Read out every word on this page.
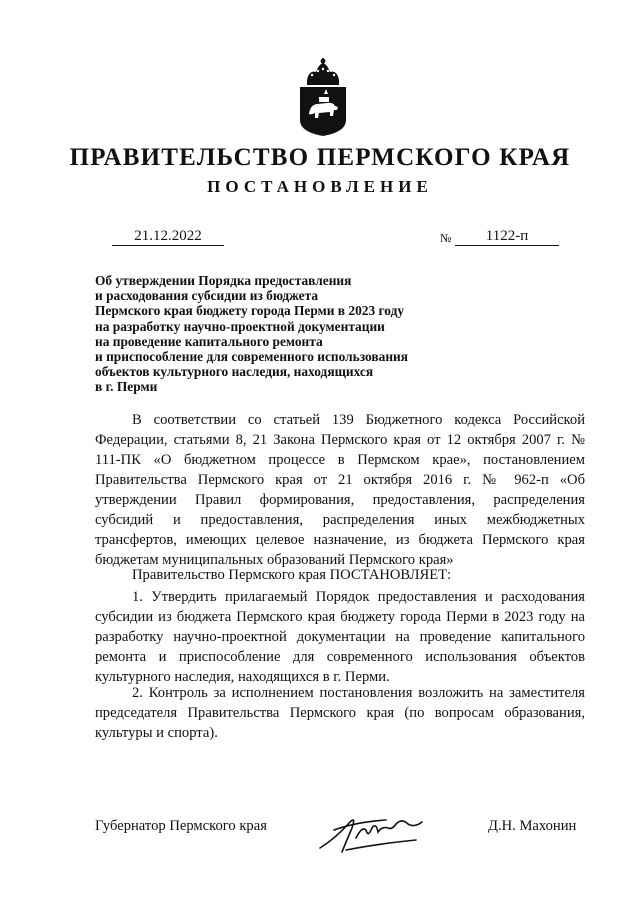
ПРАВИТЕЛЬСТВО ПЕРМСКОГО КРАЯ
ПОСТАНОВЛЕНИЕ
21.12.2022	№	1122-п
Об утверждении Порядка предоставления
и расходования субсидии из бюджета
Пермского края бюджету города Перми в 2023 году
на разработку научно-проектной документации
на проведение капитального ремонта
и приспособление для современного использования
объектов культурного наследия, находящихся
в г. Перми
В соответствии со статьей 139 Бюджетного кодекса Российской Федерации, статьями 8, 21 Закона Пермского края от 12 октября 2007 г. № 111-ПК «О бюджетном процессе в Пермском крае», постановлением Правительства Пермского края от 21 октября 2016 г. № 962-п «Об утверждении Правил формирования, предоставления, распределения субсидий и предоставления, распределения иных межбюджетных трансфертов, имеющих целевое назначение, из бюджета Пермского края бюджетам муниципальных образований Пермского края»
Правительство Пермского края ПОСТАНОВЛЯЕТ:
1. Утвердить прилагаемый Порядок предоставления и расходования субсидии из бюджета Пермского края бюджету города Перми в 2023 году на разработку научно-проектной документации на проведение капитального ремонта и приспособление для современного использования объектов культурного наследия, находящихся в г. Перми.
2. Контроль за исполнением постановления возложить на заместителя председателя Правительства Пермского края (по вопросам образования, культуры и спорта).
Губернатор Пермского края	Д.Н. Махонин
